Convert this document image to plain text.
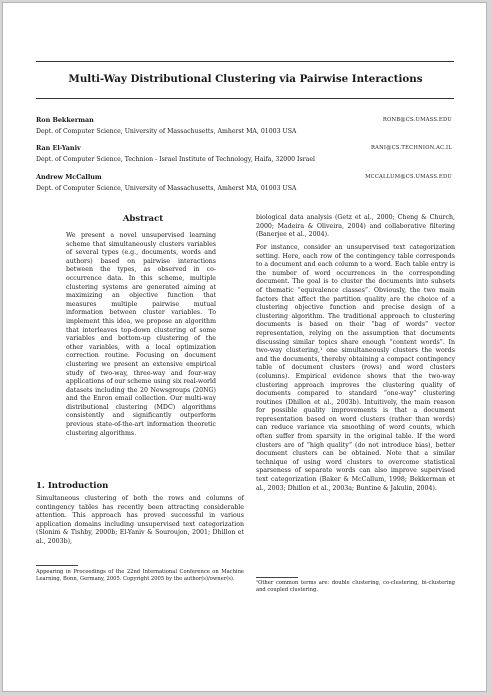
Multi-Way Distributional Clustering via Pairwise Interactions
Ron Bekkerman	RONB@CS.UMASS.EDU
Dept. of Computer Science, University of Massachusetts, Amherst MA, 01003 USA
Ran El-Yaniv	RANI@CS.TECHNION.AC.IL
Dept. of Computer Science, Technion - Israel Institute of Technology, Haifa, 32000 Israel
Andrew McCallum	MCCALLUM@CS.UMASS.EDU
Dept. of Computer Science, University of Massachusetts, Amherst MA, 01003 USA
Abstract

We present a novel unsupervised learning scheme that simultaneously clusters variables of several types (e.g., documents, words and authors) based on pairwise interactions between the types, as observed in co-occurrence data. In this scheme, multiple clustering systems are generated aiming at maximizing an objective function that measures multiple pairwise mutual information between cluster variables. To implement this idea, we propose an algorithm that interleaves top-down clustering of some variables and bottom-up clustering of the other variables, with a local optimization correction routine. Focusing on document clustering we present an extensive empirical study of two-way, three-way and four-way applications of our scheme using six real-world datasets including the 20 Newsgroups (20NG) and the Enron email collection. Our multi-way distributional clustering (MDC) algorithms consistently and significantly outperform previous state-of-the-art information theoretic clustering algorithms.

1. Introduction

Simultaneous clustering of both the rows and columns of contingency tables has recently been attracting considerable attention. This approach has proved successful in various application domains including unsupervised text categorization (Slonim & Tishby, 2000b; El-Yaniv & Souroujon, 2001; Dhillon et al., 2003b),

Appearing in Proceedings of the 22nd International Conference on Machine Learning, Bonn, Germany, 2005. Copyright 2005 by the author(s)/owner(s).

biological data analysis (Getz et al., 2000; Cheng & Church, 2000; Madeira & Oliveira, 2004) and collaborative filtering (Banerjee et al., 2004).

For instance, consider an unsupervised text categorization setting. Here, each row of the contingency table corresponds to a document and each column to a word. Each table entry is the number of word occurrences in the corresponding document. The goal is to cluster the documents into subsets of thematic “equivalence classes”. Obviously, the two main factors that affect the partition quality are the choice of a clustering objective function and precise design of a clustering algorithm. The traditional approach to clustering documents is based on their “bag of words” vector representation, relying on the assumption that documents discussing similar topics share enough “content words”. In two-way clustering,¹ one simultaneously clusters the words and the documents, thereby obtaining a compact contingency table of document clusters (rows) and word clusters (columns). Empirical evidence shows that the two-way clustering approach improves the clustering quality of documents compared to standard “one-way” clustering routines (Dhillon et al., 2003b). Intuitively, the main reason for possible quality improvements is that a document representation based on word clusters (rather than words) can reduce variance via smoothing of word counts, which often suffer from sparsity in the original table. If the word clusters are of “high quality” (do not introduce bias), better document clusters can be obtained. Note that a similar technique of using word clusters to overcome statistical sparseness of separate words can also improve supervised text categorization (Baker & McCallum, 1998; Bekkerman et al., 2003; Dhillon et al., 2003a; Buntine & Jakulin, 2004).

¹Other common terms are: double clustering, co-clustering, bi-clustering and coupled clustering.
